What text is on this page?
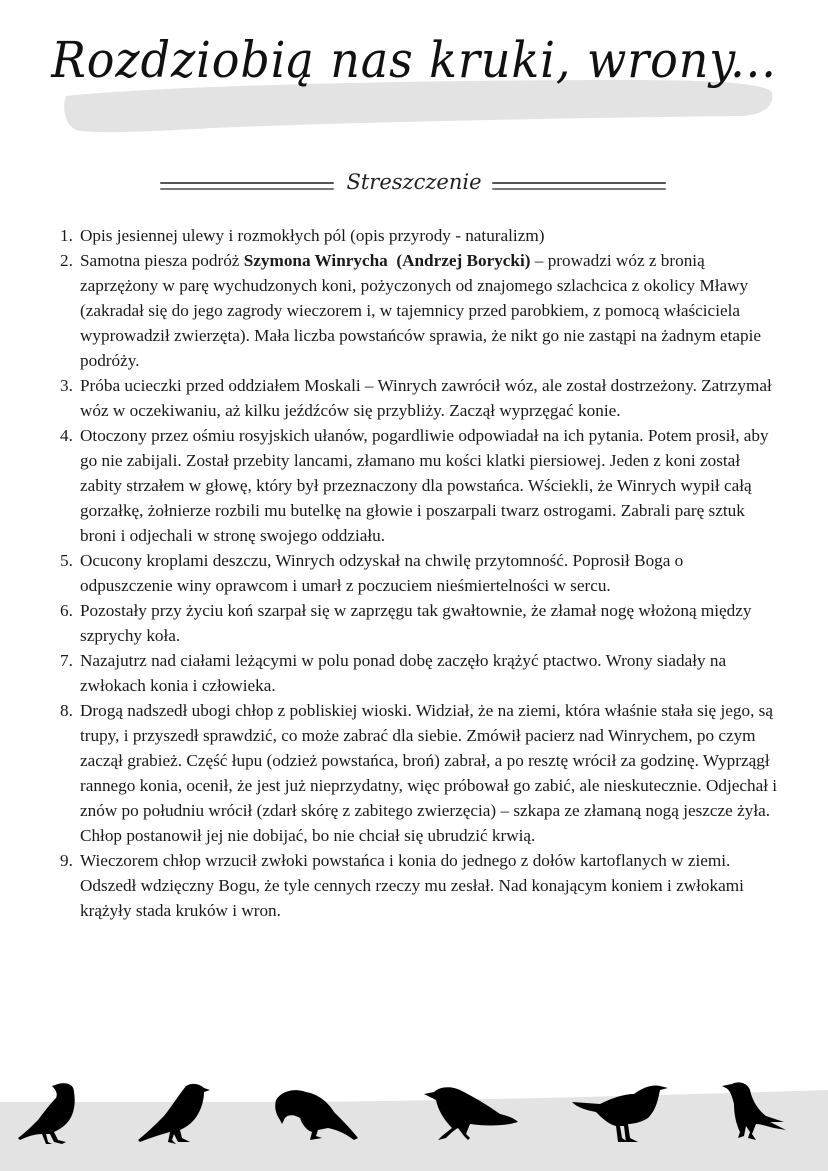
Rozdziobią nas kruki, wrony...
Streszczenie
1. Opis jesiennej ulewy i rozmokłych pól (opis przyrody - naturalizm)
2. Samotna piesza podróż Szymona Winrycha (Andrzej Borycki) – prowadzi wóz z bronią zaprzężony w parę wychudzonych koni, pożyczonych od znajomego szlachcica z okolicy Mławy (zakradał się do jego zagrody wieczorem i, w tajemnicy przed parobkiem, z pomocą właściciela wyprowadził zwierzęta). Mała liczba powstańców sprawia, że nikt go nie zastąpi na żadnym etapie podróży.
3. Próba ucieczki przed oddziałem Moskali – Winrych zawrócił wóz, ale został dostrzeżony. Zatrzymał wóz w oczekiwaniu, aż kilku jeźdźców się przybliży. Zaczął wyprzęgać konie.
4. Otoczony przez ośmiu rosyjskich ułanów, pogardliwie odpowiadał na ich pytania. Potem prosił, aby go nie zabijali. Został przebity lancami, złamano mu kości klatki piersiowej. Jeden z koni został zabity strzałem w głowę, który był przeznaczony dla powstańca. Wściekli, że Winrych wypił całą gorzałkę, żołnierze rozbili mu butelkę na głowie i poszarpali twarz ostrogami. Zabrali parę sztuk broni i odjechali w stronę swojego oddziału.
5. Ocucony kroplami deszczu, Winrych odzyskał na chwilę przytomność. Poprosił Boga o odpuszczenie winy oprawcom i umarł z poczuciem nieśmiertelności w sercu.
6. Pozostały przy życiu koń szarpał się w zaprzęgu tak gwałtownie, że złamał nogę włożoną między szprychy koła.
7. Nazajutrz nad ciałami leżącymi w polu ponad dobę zaczęło krążyć ptactwo. Wrony siadały na zwłokach konia i człowieka.
8. Drogą nadszedł ubogi chłop z pobliskiej wioski. Widział, że na ziemi, która właśnie stała się jego, są trupy, i przyszedł sprawdzić, co może zabrać dla siebie. Zmówił pacierz nad Winrychem, po czym zaczął grabież. Część łupu (odzież powstańca, broń) zabrał, a po resztę wrócił za godzinę. Wyprzągł rannego konia, ocenił, że jest już nieprzydatny, więc próbował go zabić, ale nieskutecznie. Odjechał i znów po południu wrócił (zdarł skórę z zabitego zwierzęcia) – szkapa ze złamaną nogą jeszcze żyła. Chłop postanowił jej nie dobijać, bo nie chciał się ubrudzić krwią.
9. Wieczorem chłop wrzucił zwłoki powstańca i konia do jednego z dołów kartoflanych w ziemi. Odszedł wdzięczny Bogu, że tyle cennych rzeczy mu zesłał. Nad konającym koniem i zwłokami krążyły stada kruków i wron.
